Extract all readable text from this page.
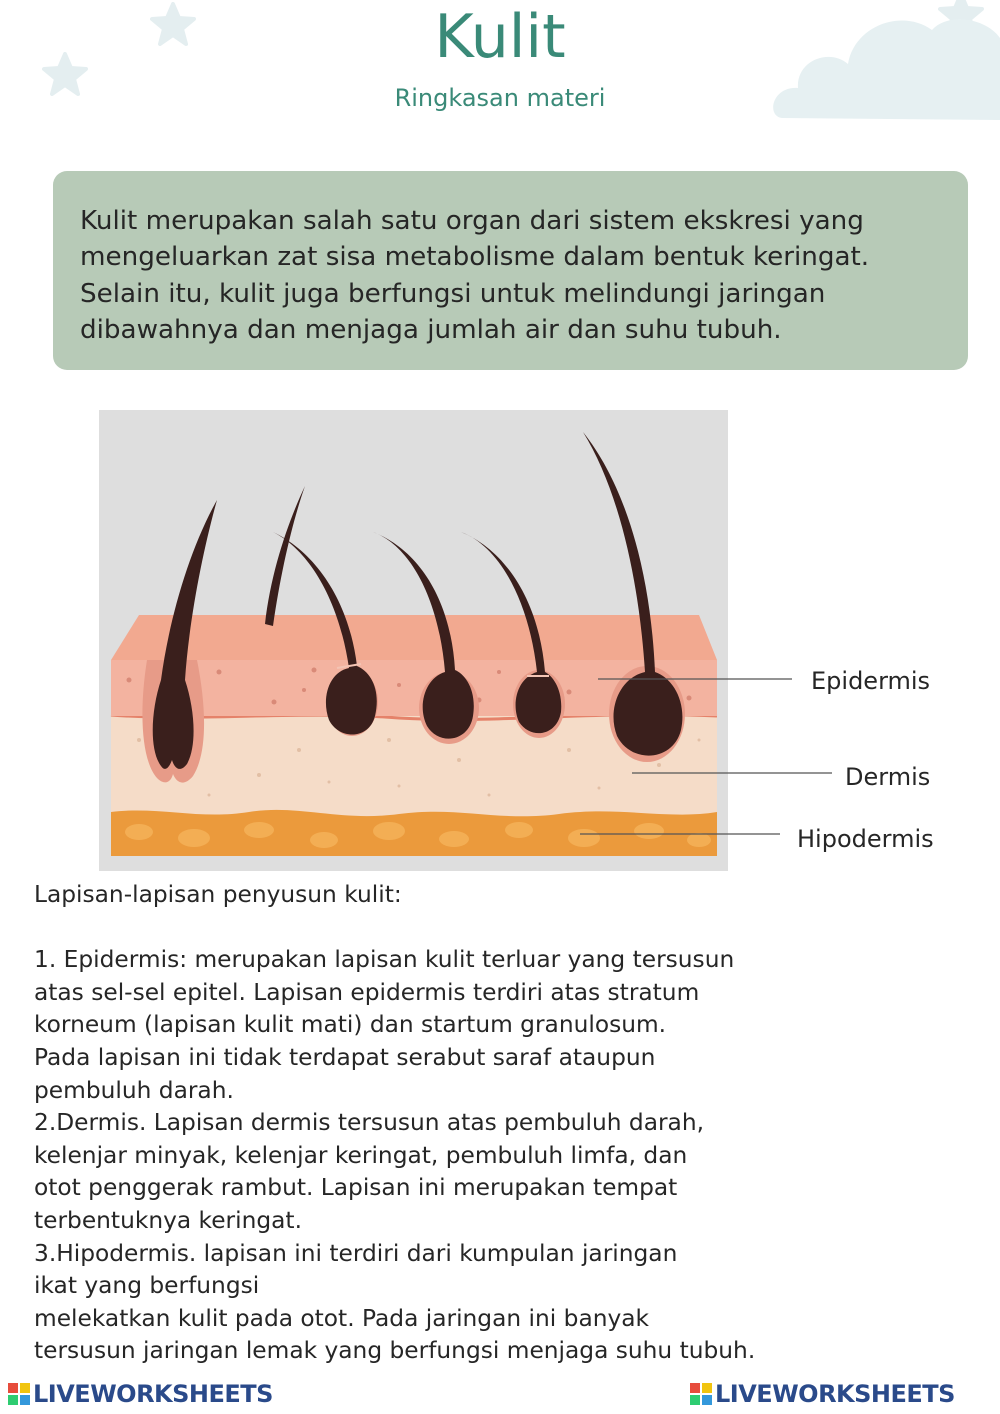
Kulit
Ringkasan materi
Kulit merupakan salah satu organ dari sistem ekskresi yang
mengeluarkan zat sisa metabolisme dalam bentuk keringat.
Selain itu, kulit juga berfungsi untuk melindungi jaringan
dibawahnya dan menjaga jumlah air dan suhu tubuh.
Epidermis
Dermis
Hipodermis
Lapisan-lapisan penyusun kulit:

1. Epidermis: merupakan lapisan kulit terluar yang tersusun
atas sel-sel epitel. Lapisan epidermis terdiri atas stratum
korneum (lapisan kulit mati) dan startum granulosum.
Pada lapisan ini tidak terdapat serabut saraf ataupun
pembuluh darah.
2.Dermis. Lapisan dermis tersusun atas pembuluh darah,
kelenjar minyak, kelenjar keringat, pembuluh limfa, dan
otot penggerak rambut. Lapisan ini merupakan tempat
terbentuknya keringat.
3.Hipodermis. lapisan ini terdiri dari kumpulan jaringan
ikat yang berfungsi
melekatkan kulit pada otot. Pada jaringan ini banyak
tersusun jaringan lemak yang berfungsi menjaga suhu tubuh.
LIVEWORKSHEETS	LIVEWORKSHEETS
